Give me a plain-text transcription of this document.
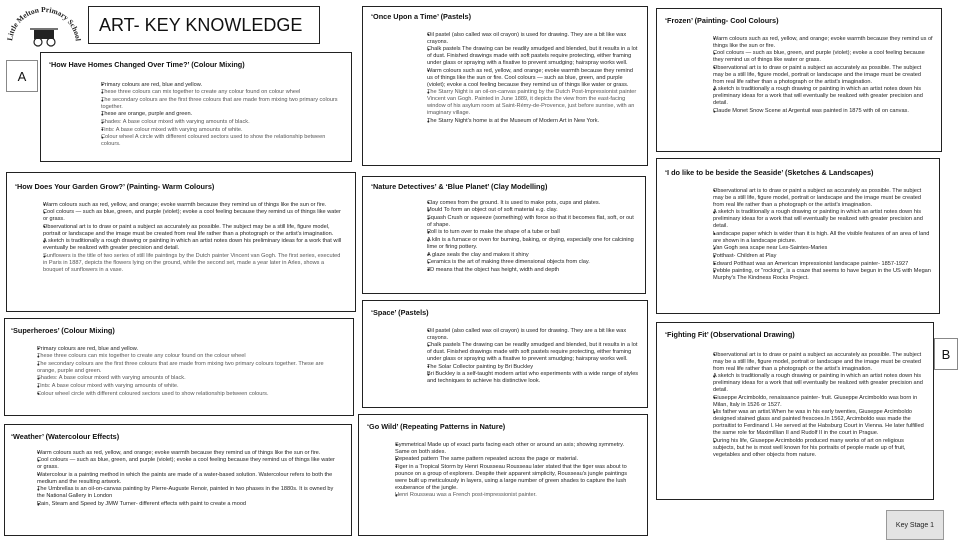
Little Melton Primary School
ART- KEY KNOWLEDGE
A
B
Key Stage 1
‘How Have Homes Changed Over Time?’ (Colour Mixing)
● Primary colours are red, blue and yellow.
● These three colours can mix together to create any colour found on colour wheel
● The secondary colours are the first three colours that are made from mixing two primary colours together.
● These are orange, purple and green.
● Shades: A base colour mixed with varying amounts of black.
● Tints: A base colour mixed with varying amounts of white.
● Colour wheel A circle with different coloured sectors used to show the relationship between colours.
‘How Does Your Garden Grow?’ (Painting- Warm Colours)
● Warm colours such as red, yellow, and orange; evoke warmth because they remind us of things like the sun or fire.
● Cool colours — such as blue, green, and purple (violet); evoke a cool feeling because they remind us of things like water or grass.
● Observational art is to draw or paint a subject as accurately as possible. The subject may be a still life, figure model, portrait or landscape and the image must be created from real life rather than a photograph or the artist's imagination.
● A sketch is traditionally a rough drawing or painting in which an artist notes down his preliminary ideas for a work that will eventually be realized with greater precision and detail.
● Sunflowers is the title of two series of still life paintings by the Dutch painter Vincent van Gogh. The first series, executed in Paris in 1887, depicts the flowers lying on the ground, while the second set, made a year later in Arles, shows a bouquet of sunflowers in a vase.
‘Superheroes’ (Colour Mixing)
● Primary colours are red, blue and yellow.
● These three colours can mix together to create any colour found on the colour wheel
● The secondary colours are the first three colours that are made from mixing two primary colours together. These are orange, purple and green.
● Shades: A base colour mixed with varying amounts of black.
● Tints: A base colour mixed with varying amounts of white.
● Colour wheel circle with different coloured sectors used to show relationship between colours.
‘Weather’ (Watercolour Effects)
● Warm colours such as red, yellow, and orange; evoke warmth because they remind us of things like the sun or fire.
● Cool colours — such as blue, green, and purple (violet); evoke a cool feeling because they remind us of things like water or grass.
● Watercolour is a painting method in which the paints are made of a water-based solution. Watercolour refers to both the medium and the resulting artwork.
● The Umbrellas is an oil-on-canvas painting by Pierre-Auguste Renoir, painted in two phases in the 1880s. It is owned by the National Gallery in London
● Rain, Steam and Speed by JMW Turner- different effects with paint to create a mood
‘Once Upon a Time’ (Pastels)
● Oil pastel (also called wax oil crayon) is used for drawing. They are a bit like wax crayons.
● Chalk pastels The drawing can be readily smudged and blended, but it results in a lot of dust. Finished drawings made with soft pastels require protecting, either framing under glass or spraying with a fixative to prevent smudging; hairspray works well.
● Warm colours such as red, yellow, and orange; evoke warmth because they remind us of things like the sun or fire. Cool colours — such as blue, green, and purple (violet); evoke a cool feeling because they remind us of things like water or grass.
● The Starry Night is an oil-on-canvas painting by the Dutch Post-Impressionist painter Vincent van Gogh. Painted in June 1889, it depicts the view from the east-facing window of his asylum room at Saint-Rémy-de-Provence, just before sunrise, with an imaginary village.
● The Starry Night's home is at the Museum of Modern Art in New York.
‘Nature Detectives’ & ‘Blue Planet’ (Clay Modelling)
● Clay comes from the ground. It is used to make pots, cups and plates.
● Mould To form an object out of soft material e.g. clay.
● Squash Crush or squeeze (something) with force so that it becomes flat, soft, or out of shape.
● Roll is to turn over to make the shape of a tube or ball
● A kiln is a furnace or oven for burning, baking, or drying, especially one for calcining lime or firing pottery.
● A glaze seals the clay and makes it shiny
● Ceramics is the art of making three dimensional objects from clay.
● 3D means that the object has height, width and depth
‘Space’ (Pastels)
● Oil pastel (also called wax oil crayon) is used for drawing. They are a bit like wax crayons.
● Chalk pastels The drawing can be readily smudged and blended, but it results in a lot of dust. Finished drawings made with soft pastels require protecting, either framing under glass or spraying with a fixative to prevent smudging; hairspray works well.
● The Solar Collector painting by Bri Buckley
● Bri Buckley is a self-taught modern artist who experiments with a wide range of styles and techniques to achieve his distinctive look.
‘Go Wild’ (Repeating Patterns in Nature)
● Symmetrical Made up of exact parts facing each other or around an axis; showing symmetry. Same on both sides.
● Repeated pattern The same pattern repeated across the page or material.
● Tiger in a Tropical Storm by Henri Rousseau Rousseau later stated that the tiger was about to pounce on a group of explorers. Despite their apparent simplicity, Rousseau's jungle paintings were built up meticulously in layers, using a large number of green shades to capture the lush exuberance of the jungle.
● Henri Rousseau was a French post-impressionist painter.
‘Frozen’ (Painting- Cool Colours)
● Warm colours such as red, yellow, and orange; evoke warmth because they remind us of things like the sun or fire.
● Cool colours — such as blue, green, and purple (violet); evoke a cool feeling because they remind us of things like water or grass.
● Observational art is to draw or paint a subject as accurately as possible. The subject may be a still life, figure model, portrait or landscape and the image must be created from real life rather than a photograph or the artist's imagination.
● A sketch is traditionally a rough drawing or painting in which an artist notes down his preliminary ideas for a work that will eventually be realized with greater precision and detail.
● Claude Monet Snow Scene at Argentuil was painted in 1875 with oil on canvas.
‘I do like to be beside the Seaside’ (Sketches & Landscapes)
● Observational art is to draw or paint a subject as accurately as possible. The subject may be a still life, figure model, portrait or landscape and the image must be created from real life rather than a photograph or the artist's imagination.
● A sketch is traditionally a rough drawing or painting in which an artist notes down his preliminary ideas for a work that will eventually be realized with greater precision and detail.
● Landscape paper which is wider than it is high. All the visible features of an area of land are shown in a landscape picture.
● Van Gogh sea scape near Les-Saintes-Maries
● Potthast- Children at Play
● Edward Potthast was an American impressionist landscape painter- 1857-1927
● Pebble painting, or "rocking", is a craze that seems to have begun in the US with Megan Murphy's The Kindness Rocks Project.
‘Fighting Fit’ (Observational Drawing)
● Observational art is to draw or paint a subject as accurately as possible. The subject may be a still life, figure model, portrait or landscape and the image must be created from real life rather than a photograph or the artist's imagination.
● A sketch is traditionally a rough drawing or painting in which an artist notes down his preliminary ideas for a work that will eventually be realized with greater precision and detail.
● Giuseppe Arcimboldo, renaissance painter- fruit. Giuseppe Arcimboldo was born in Milan, Italy in 1526 or 1527.
● His father was an artist.When he was in his early twenties, Giuseppe Arcimboldo designed stained glass and painted frescoes.In 1562, Arcimboldo was made the portraitist to Ferdinand I. He served at the Habsburg Court in Vienna. He later fulfilled the same role for Maximillian II and Rudolf II in the court in Prague.
● During his life, Giuseppe Arcimboldo produced many works of art on religious subjects, but he is most well known for his portraits of people made up of fruit, vegetables and other objects from nature.
